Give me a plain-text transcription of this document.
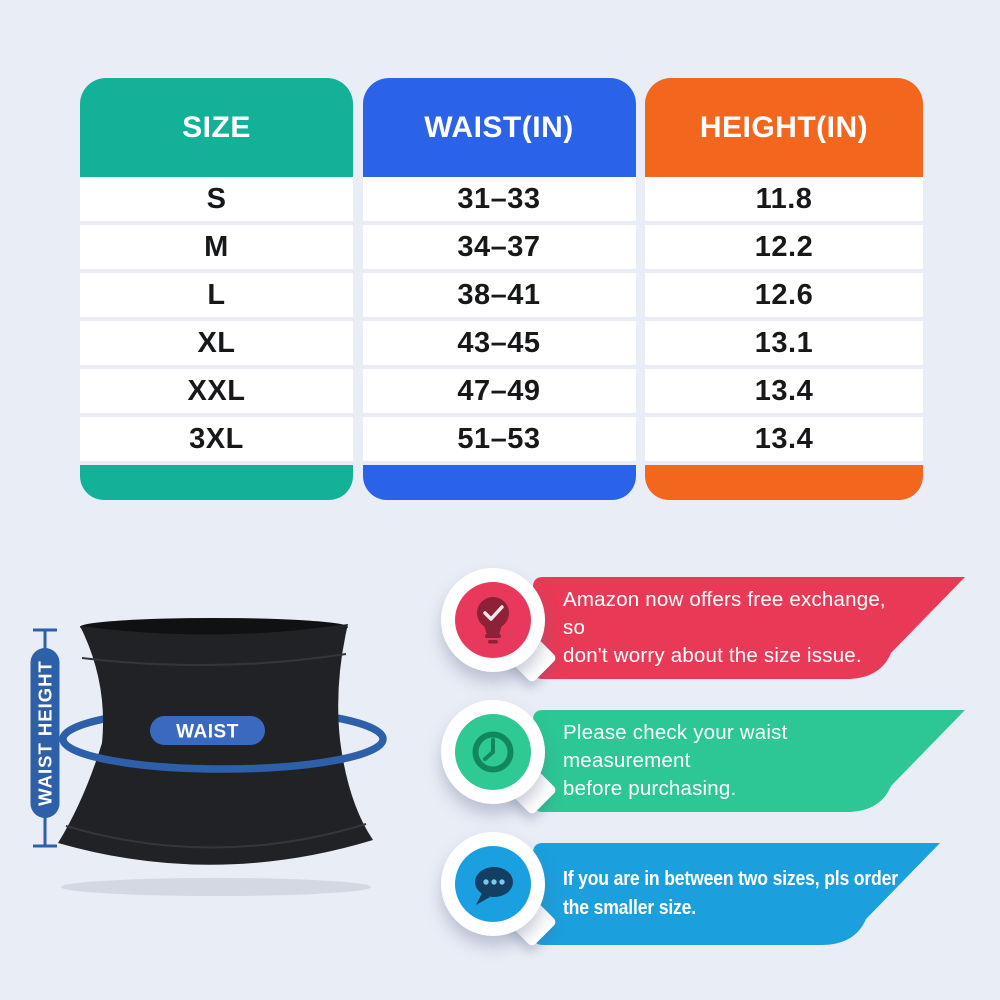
SIZE
S
M
L
XL
XXL
3XL
WAIST(IN)
31–33
34–37
38–41
43–45
47–49
51–53
HEIGHT(IN)
11.8
12.2
12.6
13.1
13.4
13.4
WAIST HEIGHT	WAIST
Amazon now offers free exchange, so
don't worry about the size issue.
Please check your waist measurement
before purchasing.
If you are in between two sizes, pls order
the smaller size.
